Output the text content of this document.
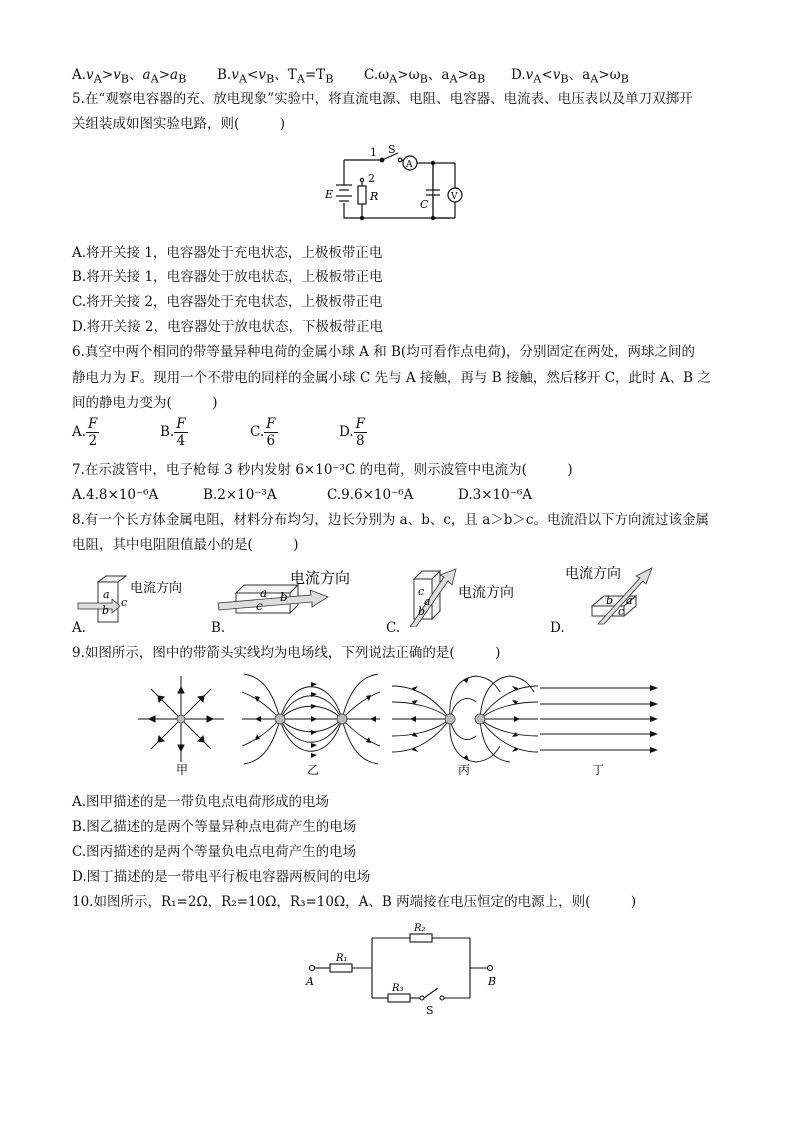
$A.v_A>v_B$、$a_A>a_B$ $B.v_A<v_B$、$T_A=T_B$ $C.\omega_A>\omega_B$、$a_A>a_B$ $D.v_A<v_B$、$a_A>\omega_B$
5.在“观察电容器的充、放电现象”实验中，将直流电源、电阻、电容器、电流表、电压表以及单刀双掷开
关组装成如图实验电路，则(　　　)
1
2
S
A
V
E	R
C
A.将开关接 1，电容器处于充电状态，上极板带正电
B.将开关接 1，电容器处于放电状态，上极板带正电
C.将开关接 2，电容器处于充电状态，上极板带正电
D.将开关接 2，电容器处于放电状态，下极板带正电
6.真空中两个相同的带等量异种电荷的金属小球 A 和 B(均可看作点电荷)，分别固定在两处，两球之间的
静电力为 F。现用一个不带电的同样的金属小球 C 先与 A 接触，再与 B 接触，然后移开 C，此时 A、B 之
间的静电力变为(　　　)
A. $\frac{F}{2}$	B. $\frac{F}{4}$	C. $\frac{F}{6}$	D. $\frac{F}{8}$
7.在示波管中，电子枪每 3 秒内发射 6×10⁻³C 的电荷，则示波管中电流为(　　　)
A.4.8×10⁻⁶A	B.2×10⁻³A	C.9.6×10⁻⁶A	D.3×10⁻⁶A
8.有一个长方体金属电阻，材料分布均匀，边长分别为 a、b、c，且 a＞b＞c。电流沿以下方向流过该金属
电阻，其中电阻阻值最小的是(　　　)
a
b
c
电流方向
A.
a b
c
电流方向
B.
c
a
b
电流方向
C.
电流方向
b a
c
D.
9.如图所示，图中的带箭头实线均为电场线，下列说法正确的是(　　　)
甲	乙	丙	丁
A.图甲描述的是一带负电点电荷形成的电场
B.图乙描述的是两个等量异种点电荷产生的电场
C.图丙描述的是两个等量负电点电荷产生的电场
D.图丁描述的是一带电平行板电容器两板间的电场
10.如图所示，R₁=2Ω，R₂=10Ω，R₃=10Ω，A、B 两端接在电压恒定的电源上，则(　　　)
R₁
R₂
R₃
A	B
S
